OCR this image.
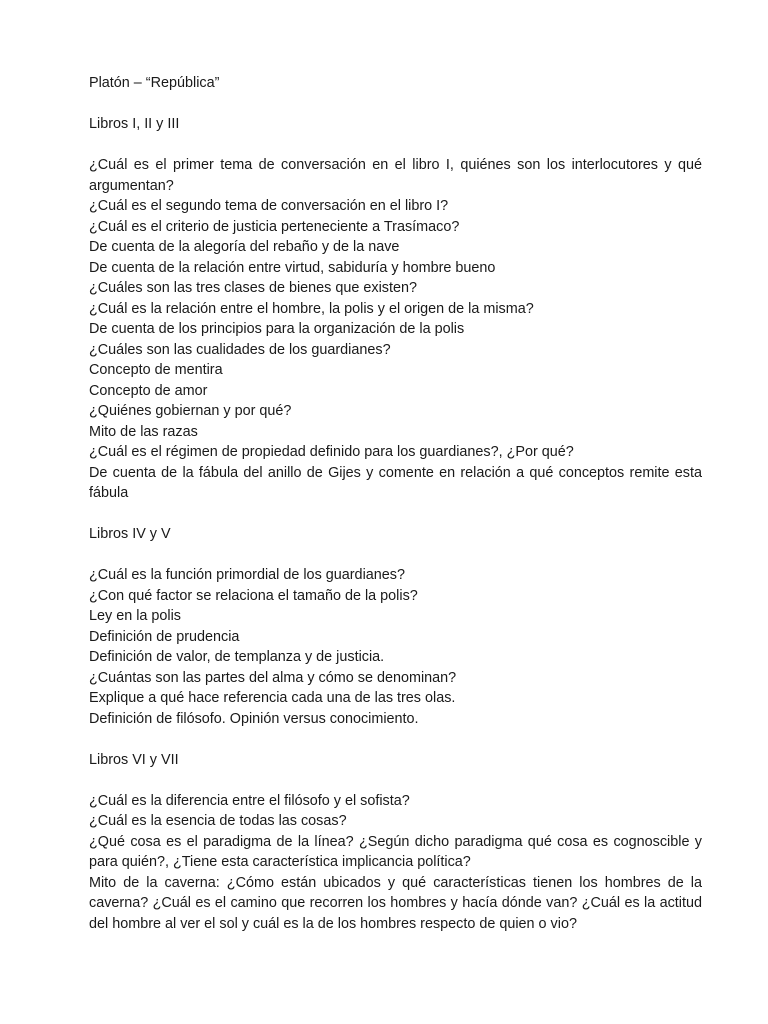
Platón – “República”

Libros I, II y III

¿Cuál es el primer tema de conversación en el libro I, quiénes son los interlocutores y qué argumentan?

¿Cuál es el segundo tema de conversación en el libro I?

¿Cuál es el criterio de justicia perteneciente a Trasímaco?

De cuenta de la alegoría del rebaño y de la nave

De cuenta de la relación entre virtud, sabiduría y hombre bueno

¿Cuáles son las tres clases de bienes que existen?

¿Cuál es la relación entre el hombre, la polis y el origen de la misma?

De cuenta de los principios para la organización de la polis

¿Cuáles son las cualidades de los guardianes?

Concepto de mentira

Concepto de amor

¿Quiénes gobiernan y por qué?

Mito de las razas

¿Cuál es el régimen de propiedad definido para los guardianes?, ¿Por qué?

De cuenta de la fábula del anillo de Gijes y comente en relación a qué conceptos remite esta fábula

Libros IV y V

¿Cuál es la función primordial de los guardianes?

¿Con qué factor se relaciona el tamaño de la polis?

Ley en la polis

Definición de prudencia

Definición de valor, de templanza y de justicia.

¿Cuántas son las partes del alma y cómo se denominan?

Explique a qué hace referencia cada una de las tres olas.

Definición de filósofo. Opinión versus conocimiento.

Libros VI y VII

¿Cuál es la diferencia entre el filósofo y el sofista?

¿Cuál es la esencia de todas las cosas?

¿Qué cosa es el paradigma de la línea? ¿Según dicho paradigma qué cosa es cognoscible y para quién?, ¿Tiene esta característica implicancia política?

Mito de la caverna: ¿Cómo están ubicados y qué características tienen los hombres de la caverna? ¿Cuál es el camino que recorren los hombres y hacía dónde van? ¿Cuál es la actitud del hombre al ver el sol y cuál es la de los hombres respecto de quien o vio?
